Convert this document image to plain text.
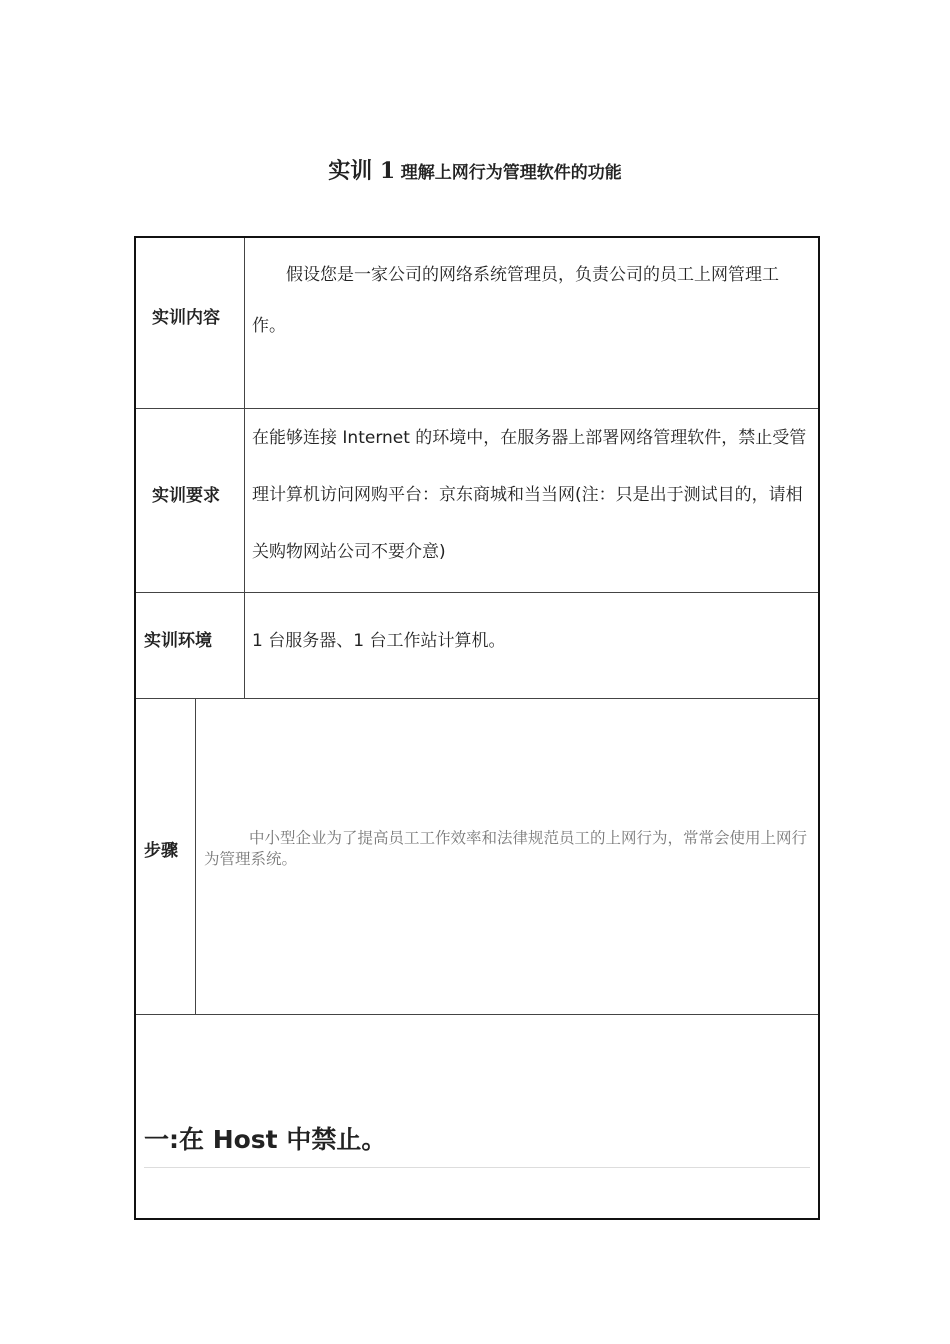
实训 1 理解上网行为管理软件的功能
实训内容
假设您是一家公司的网络系统管理员，负责公司的员工上网管理工作。
实训要求
在能够连接 Internet 的环境中，在服务器上部署网络管理软件，禁止受管理计算机访问网购平台：京东商城和当当网(注：只是出于测试目的，请相关购物网站公司不要介意)
实训环境 1 台服务器、1 台工作站计算机。
步骤
中小型企业为了提高员工工作效率和法律规范员工的上网行为，常常会使用上网行为管理系统。
一:在 Host 中禁止。
